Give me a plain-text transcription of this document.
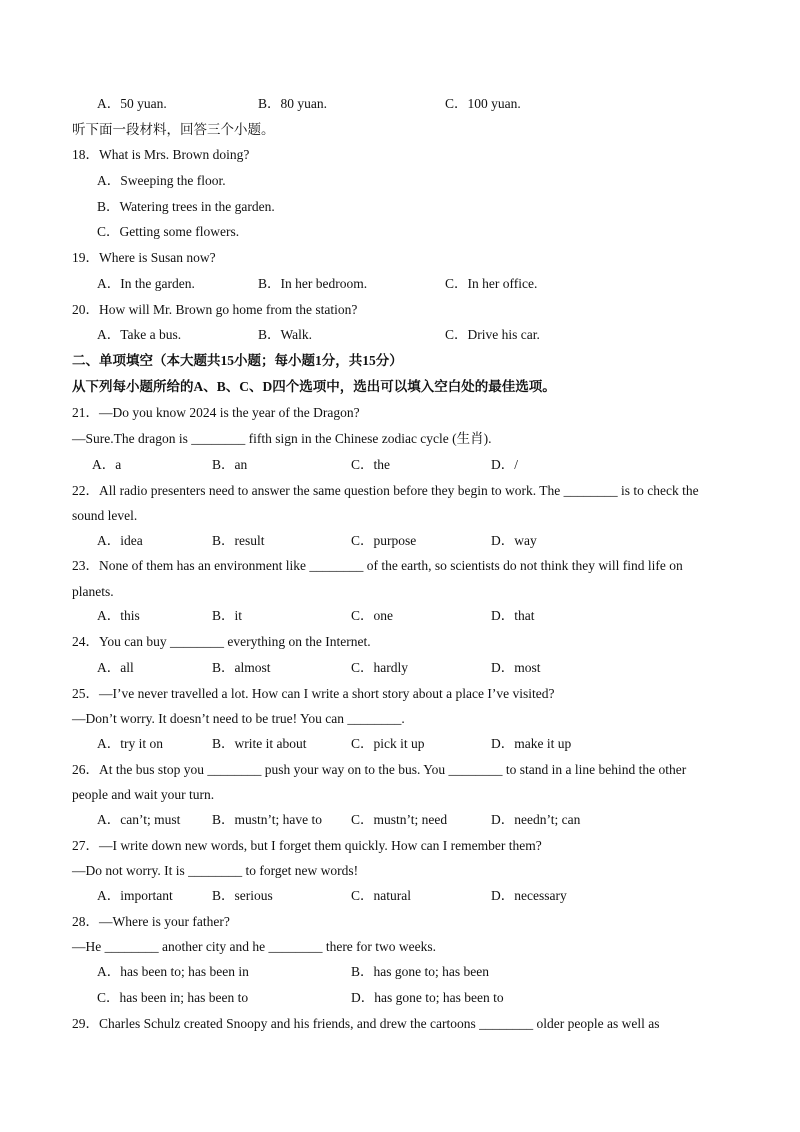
A．50 yuan.	B．80 yuan.	C．100 yuan.
听下面一段材料，回答三个小题。
18．What is Mrs. Brown doing?
A．Sweeping the floor.
B．Watering trees in the garden.
C．Getting some flowers.
19．Where is Susan now?
A．In the garden.	B．In her bedroom.	C．In her office.
20．How will Mr. Brown go home from the station?
A．Take a bus.	B．Walk.	C．Drive his car.
二、单项填空（本大题共15小题；每小题1分，共15分）
从下列每小题所给的A、B、C、D四个选项中，选出可以填入空白处的最佳选项。
21．—Do you know 2024 is the year of the Dragon?
—Sure.The dragon is ________ fifth sign in the Chinese zodiac cycle (生肖).
A．a	B．an	C．the	D．/
22．All radio presenters need to answer the same question before they begin to work. The ________ is to check the
sound level.
A．idea	B．result	C．purpose	D．way
23．None of them has an environment like ________ of the earth, so scientists do not think they will find life on
planets.
A．this	B．it	C．one	D．that
24．You can buy ________ everything on the Internet.
A．all	B．almost	C．hardly	D．most
25．—I’ve never travelled a lot. How can I write a short story about a place I’ve visited?
—Don’t worry. It doesn’t need to be true! You can ________.
A．try it on	B．write it about	C．pick it up	D．make it up
26．At the bus stop you ________ push your way on to the bus. You ________ to stand in a line behind the other
people and wait your turn.
A．can’t; must B．mustn’t; have to C．mustn’t; need	D．needn’t; can
27．—I write down new words, but I forget them quickly. How can I remember them?
—Do not worry. It is ________ to forget new words!
A．important	B．serious	C．natural	D．necessary
28．—Where is your father?
—He ________ another city and he ________ there for two weeks.
A．has been to; has been in	B．has gone to; has been
C．has been in; has been to	D．has gone to; has been to
29．Charles Schulz created Snoopy and his friends, and drew the cartoons ________ older people as well as
